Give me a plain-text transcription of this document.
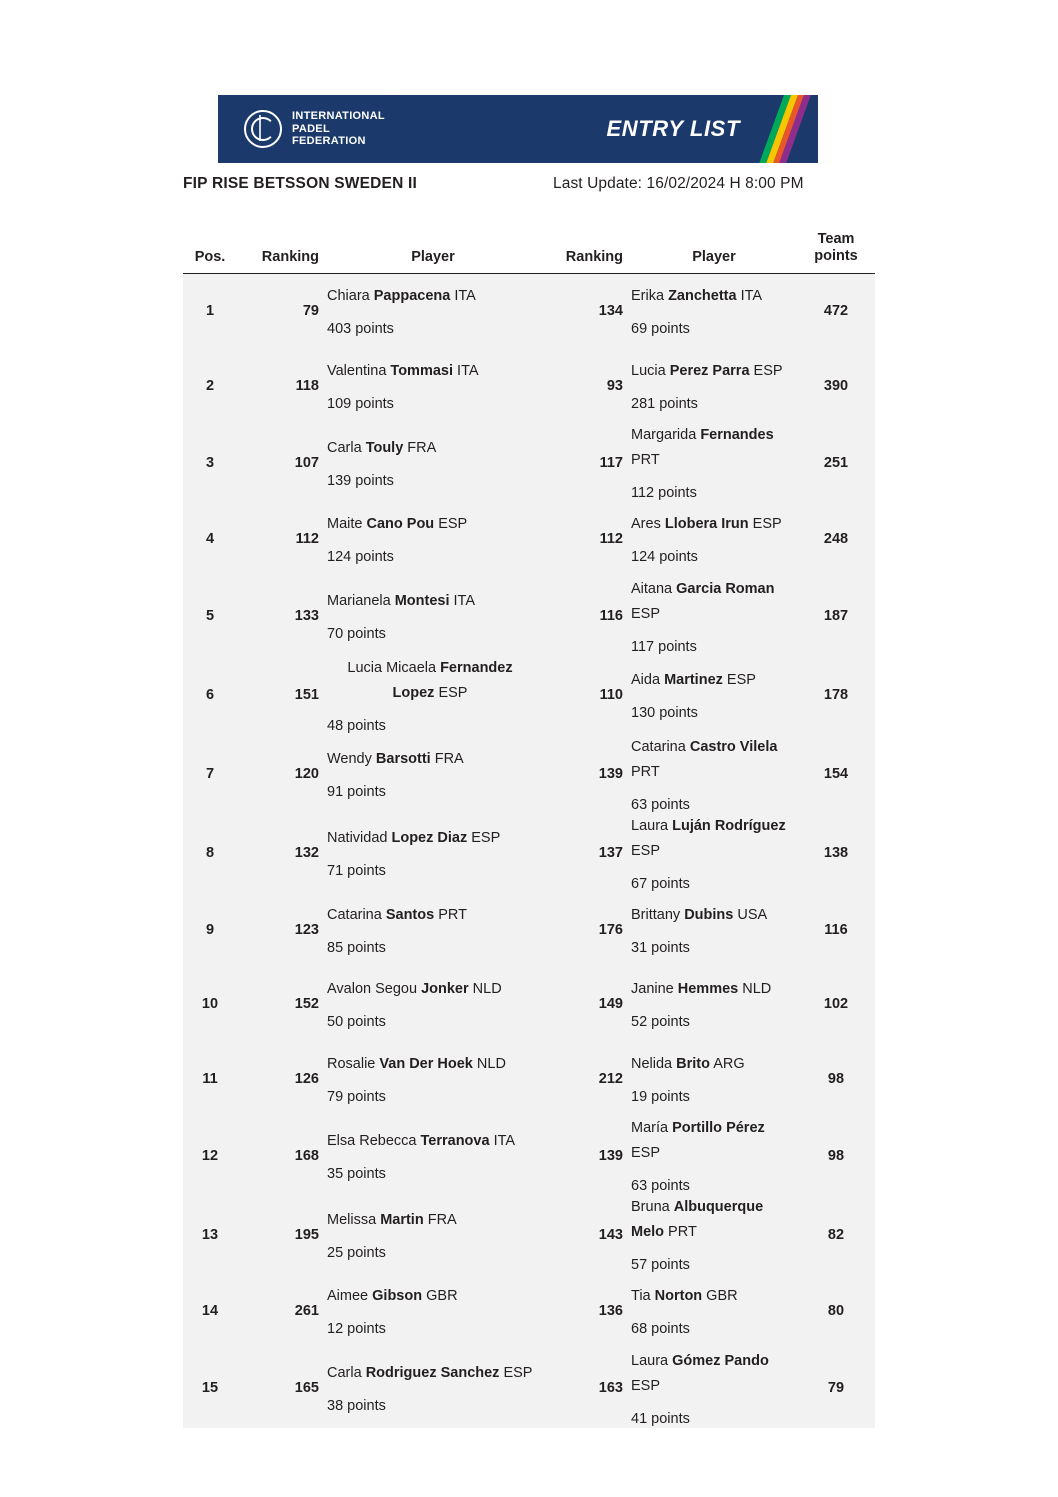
INTERNATIONAL
PADEL
FEDERATION
ENTRY LIST
FIP RISE BETSSON SWEDEN II	Last Update: 16/02/2024 H 8:00 PM
Pos.	Ranking	Player	Ranking	Player
Team
points
1	79
Chiara Pappacena ITA
403 points
134
Erika Zanchetta ITA
69 points
472
2	118
Valentina Tommasi ITA
109 points
93
Lucia Perez Parra ESP
281 points
390
3	107
Carla Touly FRA
139 points
117
Margarida Fernandes PRT
112 points
251
4	112
Maite Cano Pou ESP
124 points
112
Ares Llobera Irun ESP
124 points
248
5	133
Marianela Montesi ITA
70 points
116
Aitana Garcia Roman ESP
117 points
187
6	151
Lucia Micaela Fernandez Lopez ESP
48 points
110
Aida Martinez ESP
130 points
178
7	120
Wendy Barsotti FRA
91 points
139
Catarina Castro Vilela PRT
63 points
154
8	132
Natividad Lopez Diaz ESP
71 points
137
Laura Luján Rodríguez ESP
67 points
138
9	123
Catarina Santos PRT
85 points
176
Brittany Dubins USA
31 points
116
10	152
Avalon Segou Jonker NLD
50 points
149
Janine Hemmes NLD
52 points
102
11	126
Rosalie Van Der Hoek NLD
79 points
212
Nelida Brito ARG
19 points
98
12	168
Elsa Rebecca Terranova ITA
35 points
139
María Portillo Pérez ESP
63 points
98
13	195
Melissa Martin FRA
25 points
143
Bruna Albuquerque Melo PRT
57 points
82
14	261
Aimee Gibson GBR
12 points
136
Tia Norton GBR
68 points
80
15	165
Carla Rodriguez Sanchez ESP
38 points
163
Laura Gómez Pando ESP
41 points
79
